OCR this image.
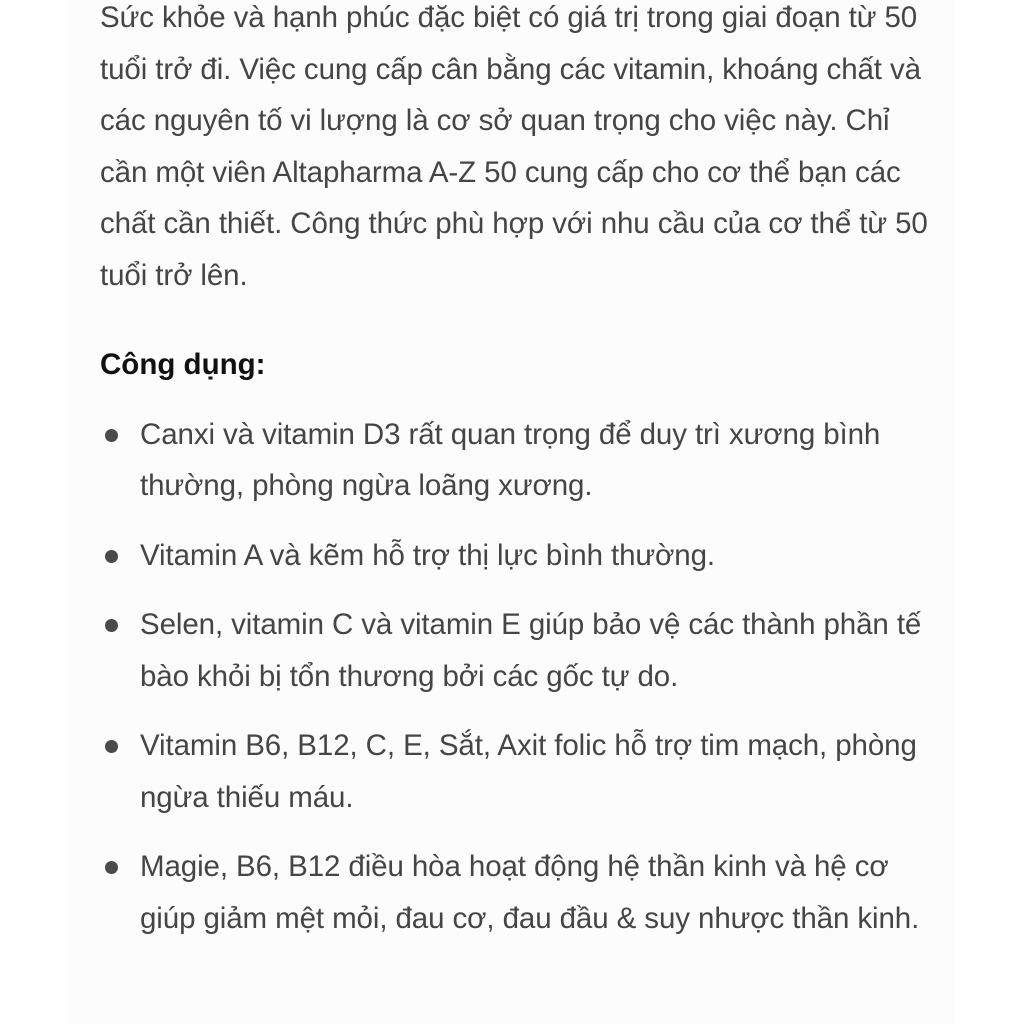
Sức khỏe và hạnh phúc đặc biệt có giá trị trong giai đoạn từ 50 tuổi trở đi. Việc cung cấp cân bằng các vitamin, khoáng chất và các nguyên tố vi lượng là cơ sở quan trọng cho việc này. Chỉ cần một viên Altapharma A-Z 50 cung cấp cho cơ thể bạn các chất cần thiết. Công thức phù hợp với nhu cầu của cơ thể từ 50 tuổi trở lên.

Công dụng:
Canxi và vitamin D3 rất quan trọng để duy trì xương bình thường, phòng ngừa loãng xương.
Vitamin A và kẽm hỗ trợ thị lực bình thường.
Selen, vitamin C và vitamin E giúp bảo vệ các thành phần tế bào khỏi bị tổn thương bởi các gốc tự do.
Vitamin B6, B12, C, E, Sắt, Axit folic hỗ trợ tim mạch, phòng ngừa thiếu máu.
Magie, B6, B12 điều hòa hoạt động hệ thần kinh và hệ cơ giúp giảm mệt mỏi, đau cơ, đau đầu & suy nhược thần kinh.
